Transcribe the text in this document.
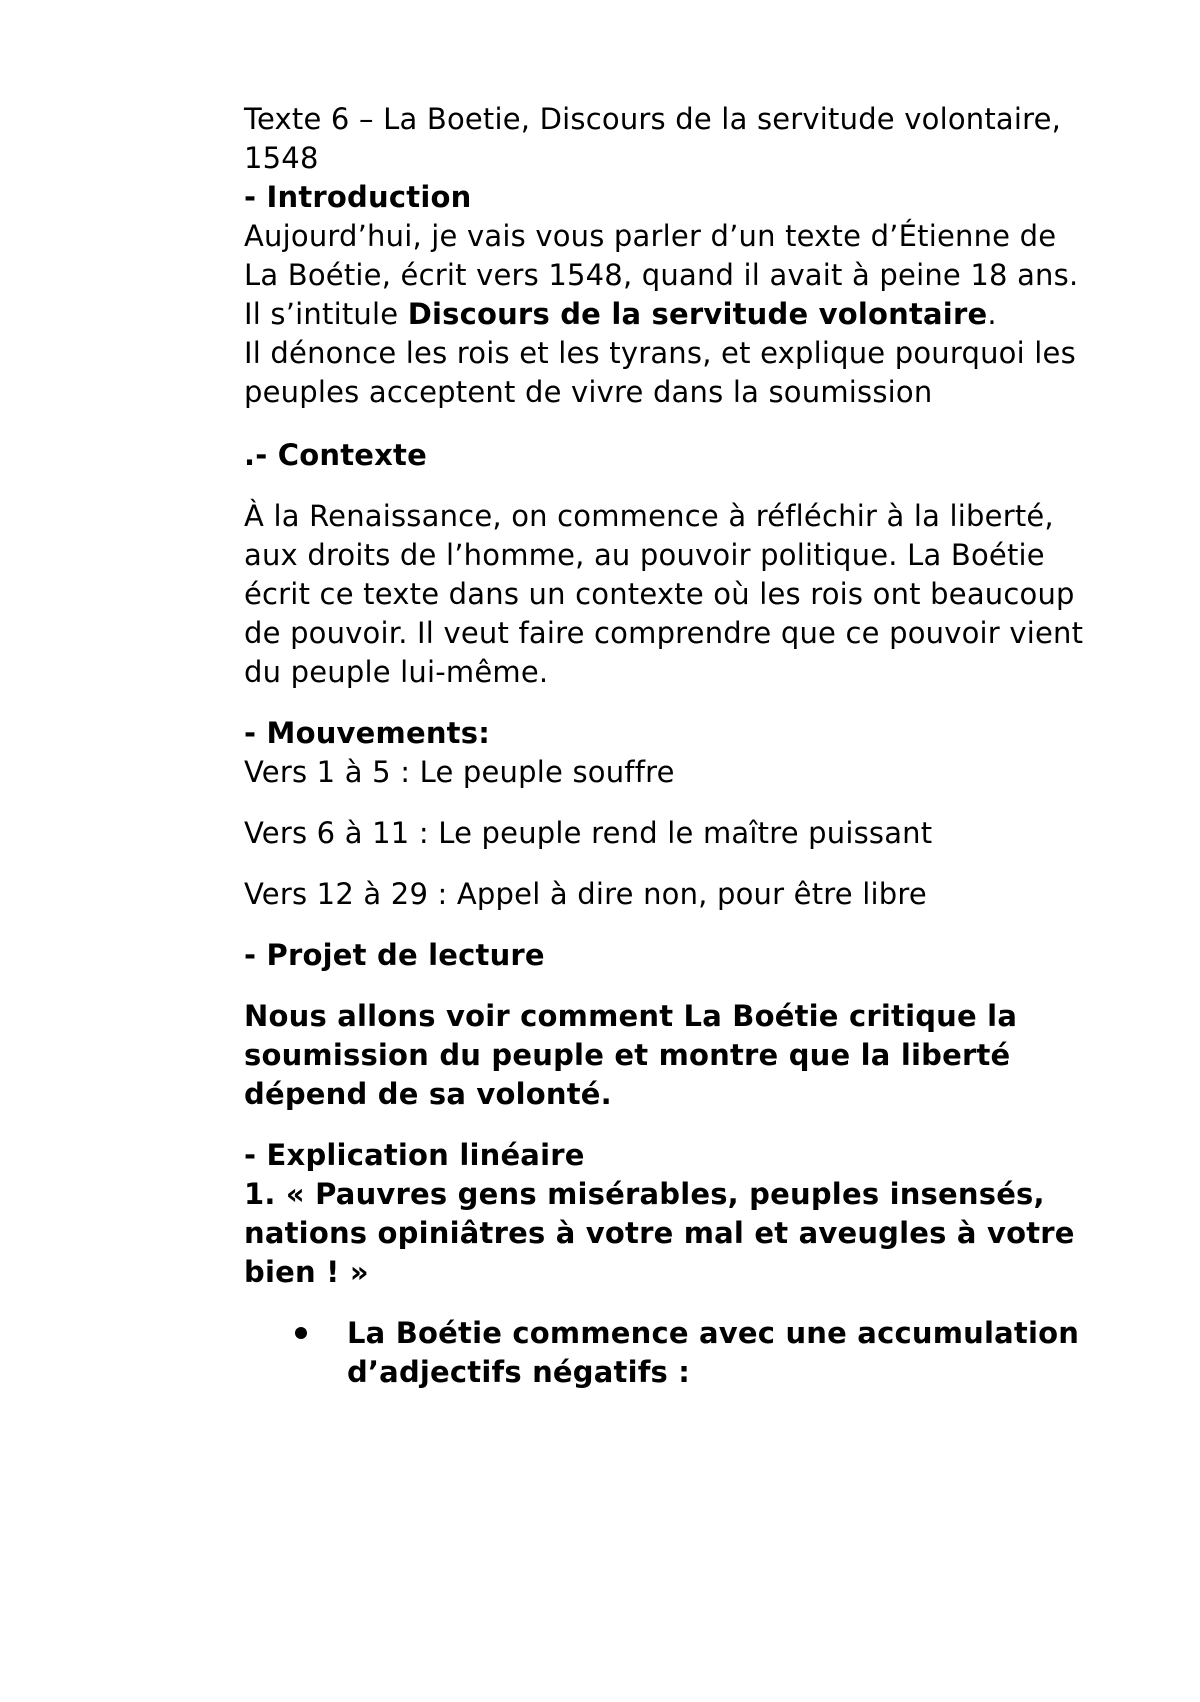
Texte 6 – La Boetie, Discours de la servitude volontaire, 1548

- Introduction

Aujourd’hui, je vais vous parler d’un texte d’Étienne de La Boétie, écrit vers 1548, quand il avait à peine 18 ans. Il s’intitule Discours de la servitude volontaire.

Il dénonce les rois et les tyrans, et explique pourquoi les peuples acceptent de vivre dans la soumission

.- Contexte

À la Renaissance, on commence à réfléchir à la liberté, aux droits de l’homme, au pouvoir politique. La Boétie écrit ce texte dans un contexte où les rois ont beaucoup de pouvoir. Il veut faire comprendre que ce pouvoir vient du peuple lui-même.

- Mouvements:

Vers 1 à 5 : Le peuple souffre

Vers 6 à 11 : Le peuple rend le maître puissant

Vers 12 à 29 : Appel à dire non, pour être libre

- Projet de lecture

Nous allons voir comment La Boétie critique la soumission du peuple et montre que la liberté dépend de sa volonté.

- Explication linéaire

1. « Pauvres gens misérables, peuples insensés, nations opiniâtres à votre mal et aveugles à votre bien ! »

La Boétie commence avec une accumulation d’adjectifs négatifs :
